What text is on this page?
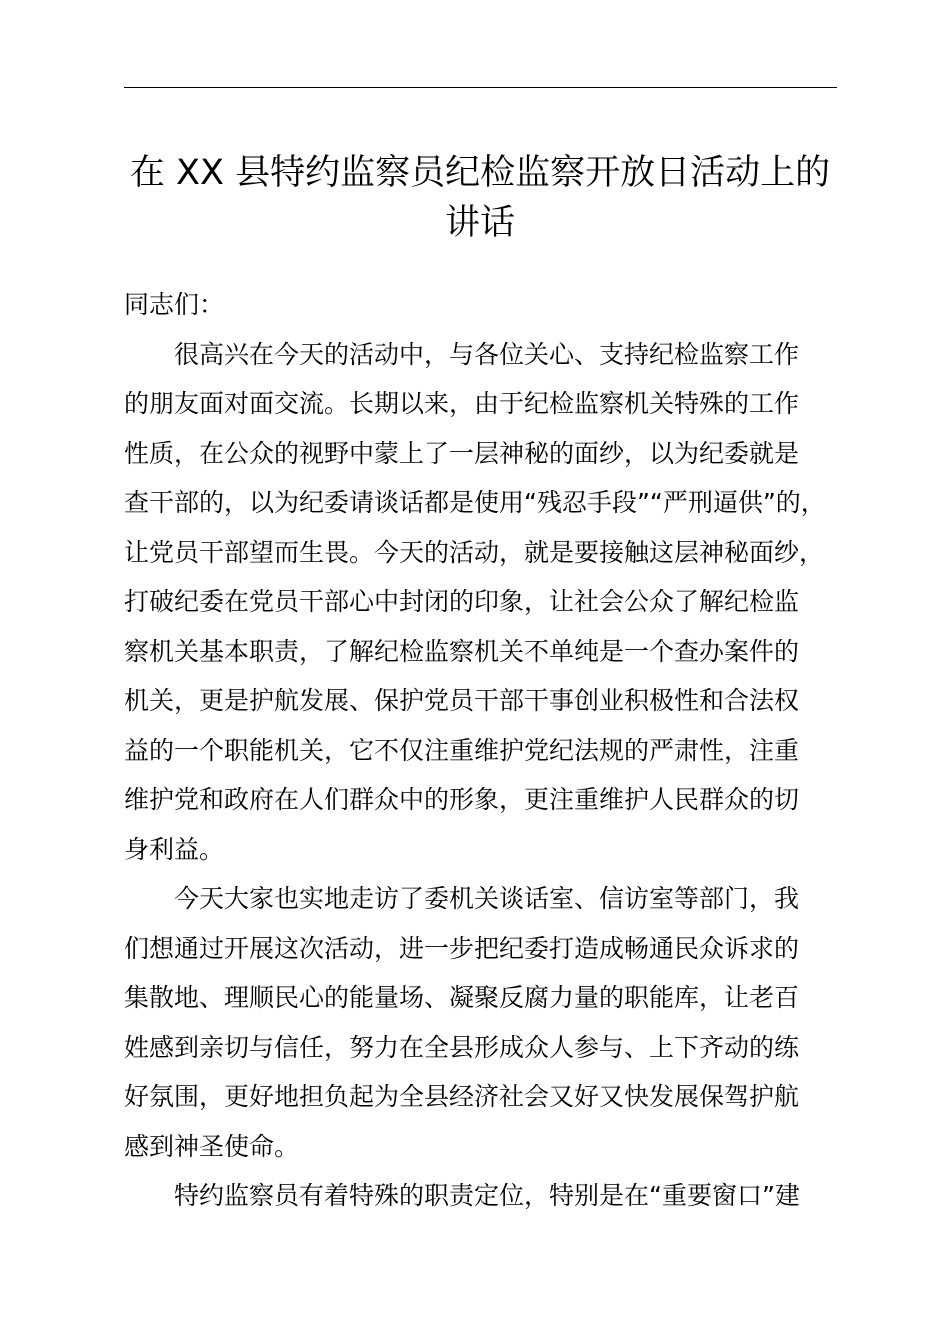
在 XX 县特约监察员纪检监察开放日活动上的
讲话

同志们：

很高兴在今天的活动中，与各位关心、支持纪检监察工作
的朋友面对面交流。长期以来，由于纪检监察机关特殊的工作
性质，在公众的视野中蒙上了一层神秘的面纱，以为纪委就是
查干部的，以为纪委请谈话都是使用“残忍手段”“严刑逼供”的，
让党员干部望而生畏。今天的活动，就是要接触这层神秘面纱，
打破纪委在党员干部心中封闭的印象，让社会公众了解纪检监
察机关基本职责，了解纪检监察机关不单纯是一个查办案件的
机关，更是护航发展、保护党员干部干事创业积极性和合法权
益的一个职能机关，它不仅注重维护党纪法规的严肃性，注重
维护党和政府在人们群众中的形象，更注重维护人民群众的切
身利益。

今天大家也实地走访了委机关谈话室、信访室等部门，我
们想通过开展这次活动，进一步把纪委打造成畅通民众诉求的
集散地、理顺民心的能量场、凝聚反腐力量的职能库，让老百
姓感到亲切与信任，努力在全县形成众人参与、上下齐动的练
好氛围，更好地担负起为全县经济社会又好又快发展保驾护航
感到神圣使命。

特约监察员有着特殊的职责定位，特别是在“重要窗口”建
